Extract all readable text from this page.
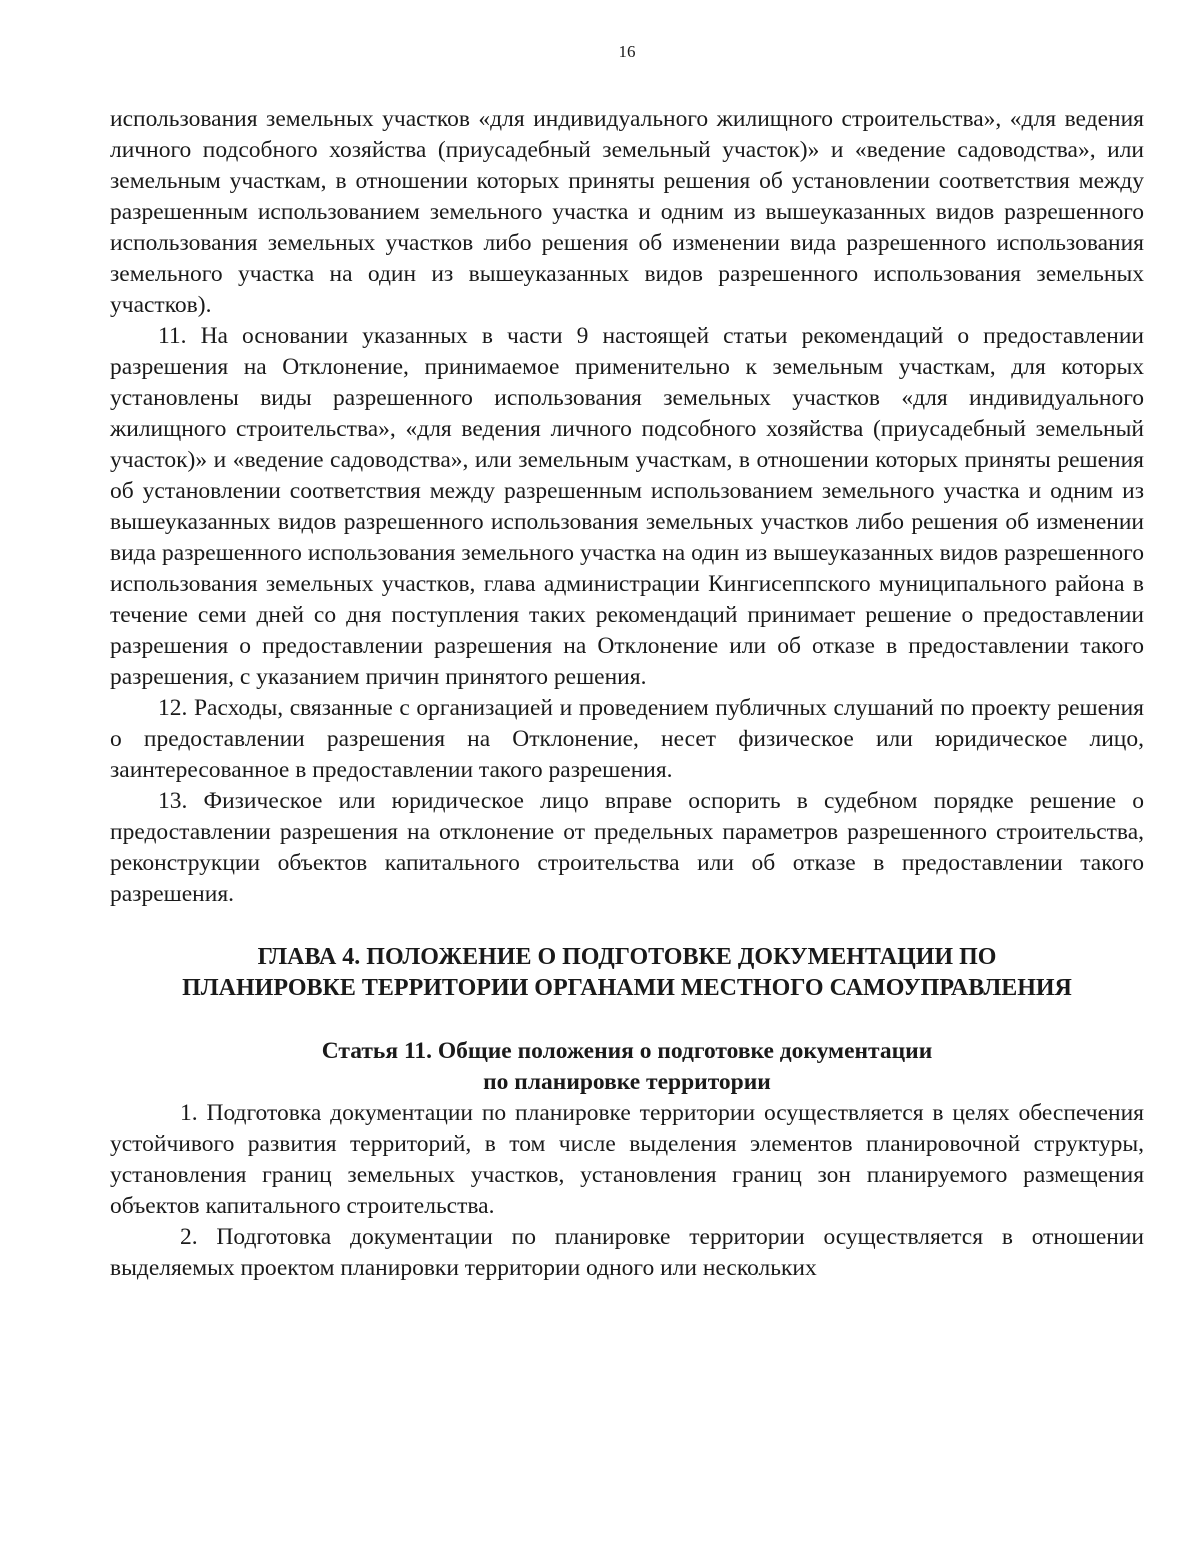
16

использования земельных участков «для индивидуального жилищного строительства», «для ведения личного подсобного хозяйства (приусадебный земельный участок)» и «ведение садоводства», или земельным участкам, в отношении которых приняты решения об установлении соответствия между разрешенным использованием земельного участка и одним из вышеуказанных видов разрешенного использования земельных участков либо решения об изменении вида разрешенного использования земельного участка на один из вышеуказанных видов разрешенного использования земельных участков).

11. На основании указанных в части 9 настоящей статьи рекомендаций о предоставлении разрешения на Отклонение, принимаемое применительно к земельным участкам, для которых установлены виды разрешенного использования земельных участков «для индивидуального жилищного строительства», «для ведения личного подсобного хозяйства (приусадебный земельный участок)» и «ведение садоводства», или земельным участкам, в отношении которых приняты решения об установлении соответствия между разрешенным использованием земельного участка и одним из вышеуказанных видов разрешенного использования земельных участков либо решения об изменении вида разрешенного использования земельного участка на один из вышеуказанных видов разрешенного использования земельных участков, глава администрации Кингисеппского муниципального района в течение семи дней со дня поступления таких рекомендаций принимает решение о предоставлении разрешения о предоставлении разрешения на Отклонение или об отказе в предоставлении такого разрешения, с указанием причин принятого решения.

12. Расходы, связанные с организацией и проведением публичных слушаний по проекту решения о предоставлении разрешения на Отклонение, несет физическое или юридическое лицо, заинтересованное в предоставлении такого разрешения.

13. Физическое или юридическое лицо вправе оспорить в судебном порядке решение о предоставлении разрешения на отклонение от предельных параметров разрешенного строительства, реконструкции объектов капитального строительства или об отказе в предоставлении такого разрешения.

ГЛАВА 4. ПОЛОЖЕНИЕ О ПОДГОТОВКЕ ДОКУМЕНТАЦИИ ПО
ПЛАНИРОВКЕ ТЕРРИТОРИИ ОРГАНАМИ МЕСТНОГО САМОУПРАВЛЕНИЯ
Статья 11. Общие положения о подготовке документации
по планировке территории

1. Подготовка документации по планировке территории осуществляется в целях обеспечения устойчивого развития территорий, в том числе выделения элементов планировочной структуры, установления границ земельных участков, установления границ зон планируемого размещения объектов капитального строительства.

2. Подготовка документации по планировке территории осуществляется в отношении выделяемых проектом планировки территории одного или нескольких
